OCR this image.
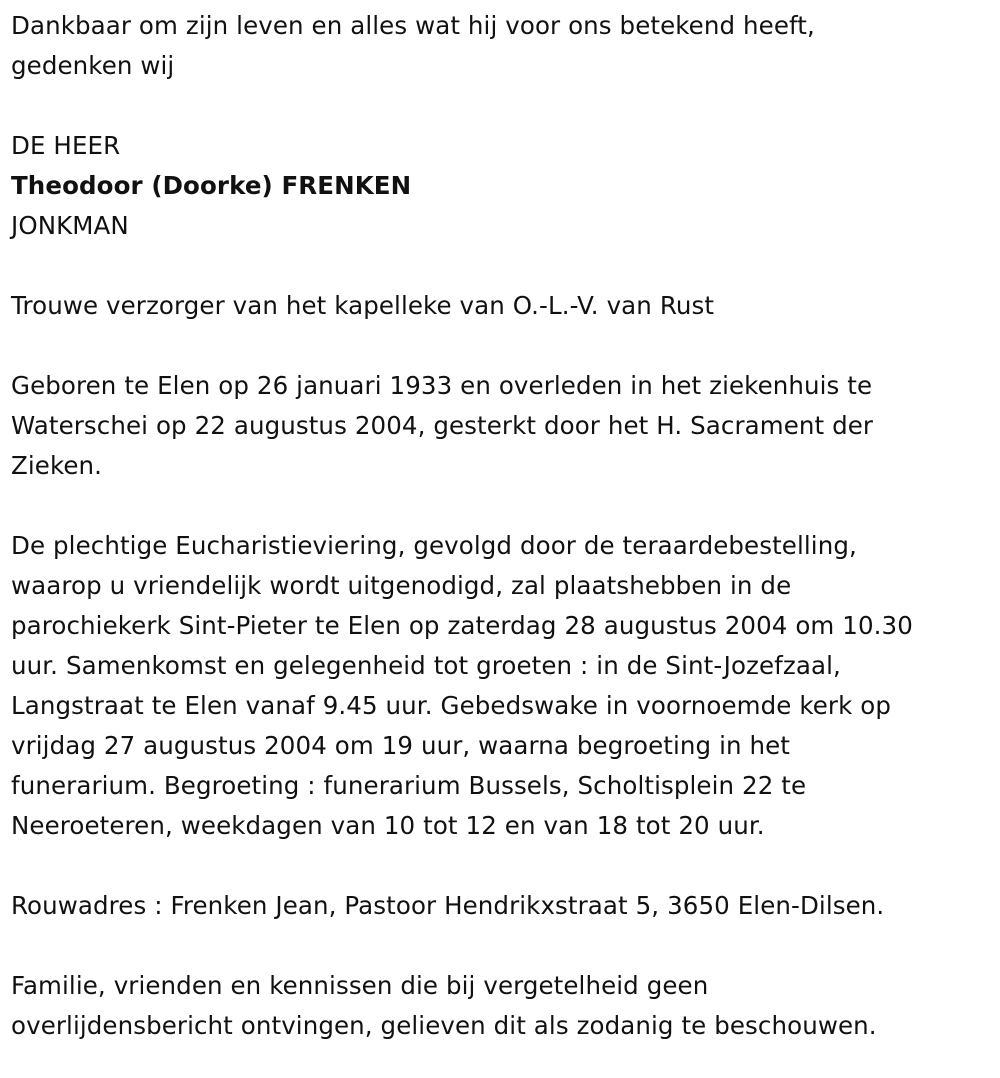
Dankbaar om zijn leven en alles wat hij voor ons betekend heeft,
gedenken wij
DE HEER
Theodoor (Doorke) FRENKEN
JONKMAN
Trouwe verzorger van het kapelleke van O.-L.-V. van Rust
Geboren te Elen op 26 januari 1933 en overleden in het ziekenhuis te
Waterschei op 22 augustus 2004, gesterkt door het H. Sacrament der
Zieken.
De plechtige Eucharistieviering, gevolgd door de teraardebestelling,
waarop u vriendelijk wordt uitgenodigd, zal plaatshebben in de
parochiekerk Sint-Pieter te Elen op zaterdag 28 augustus 2004 om 10.30
uur. Samenkomst en gelegenheid tot groeten : in de Sint-Jozefzaal,
Langstraat te Elen vanaf 9.45 uur. Gebedswake in voornoemde kerk op
vrijdag 27 augustus 2004 om 19 uur, waarna begroeting in het
funerarium. Begroeting : funerarium Bussels, Scholtisplein 22 te
Neeroeteren, weekdagen van 10 tot 12 en van 18 tot 20 uur.
Rouwadres : Frenken Jean, Pastoor Hendrikxstraat 5, 3650 Elen-Dilsen.
Familie, vrienden en kennissen die bij vergetelheid geen
overlijdensbericht ontvingen, gelieven dit als zodanig te beschouwen.
